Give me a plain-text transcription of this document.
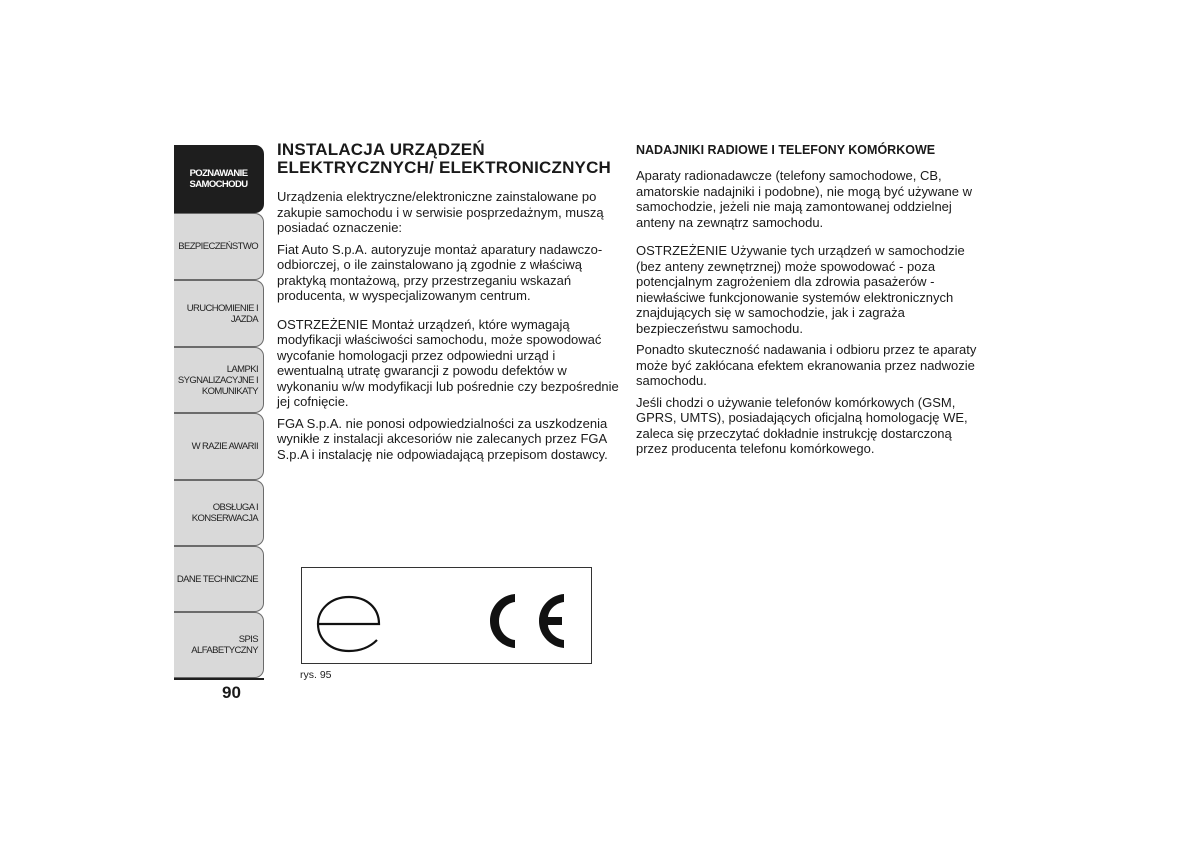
POZNAWANIE
SAMOCHODU
BEZPIECZEŃSTWO
URUCHOMIENIE I
JAZDA
LAMPKI
SYGNALIZACYJNE I
KOMUNIKATY
W RAZIE AWARII
OBSŁUGA I
KONSERWACJA
DANE TECHNICZNE
SPIS ALFABETYCZNY
90
INSTALACJA URZĄDZEŃ ELEKTRYCZNYCH/ ELEKTRONICZNYCH

Urządzenia elektryczne/elektroniczne zainstalowane po zakupie samochodu i w serwisie posprzedażnym, muszą posiadać oznaczenie:

Fiat Auto S.p.A. autoryzuje montaż aparatury nadawczo-odbiorczej, o ile zainstalowano ją zgodnie z właściwą praktyką montażową, przy przestrzeganiu wskazań producenta, w wyspecjalizowanym centrum.

OSTRZEŻENIE Montaż urządzeń, które wymagają modyfikacji właściwości samochodu, może spowodować wycofanie homologacji przez odpowiedni urząd i ewentualną utratę gwarancji z powodu defektów w wykonaniu w/w modyfikacji lub pośrednie czy bezpośrednie jej cofnięcie.

FGA S.p.A. nie ponosi odpowiedzialności za uszkodzenia wynikłe z instalacji akcesoriów nie zalecanych przez FGA S.p.A i instalację nie odpowiadającą przepisom dostawcy.

rys. 95
NADAJNIKI RADIOWE I TELEFONY KOMÓRKOWE

Aparaty radionadawcze (telefony samochodowe, CB, amatorskie nadajniki i podobne), nie mogą być używane w samochodzie, jeżeli nie mają zamontowanej oddzielnej anteny na zewnątrz samochodu.

OSTRZEŻENIE Używanie tych urządzeń w samochodzie (bez anteny zewnętrznej) może spowodować - poza potencjalnym zagrożeniem dla zdrowia pasażerów - niewłaściwe funkcjonowanie systemów elektronicznych znajdujących się w samochodzie, jak i zagraża bezpieczeństwu samochodu.

Ponadto skuteczność nadawania i odbioru przez te aparaty może być zakłócana efektem ekranowania przez nadwozie samochodu.

Jeśli chodzi o używanie telefonów komórkowych (GSM, GPRS, UMTS), posiadających oficjalną homologację WE, zaleca się przeczytać dokładnie instrukcję dostarczoną przez producenta telefonu komórkowego.
